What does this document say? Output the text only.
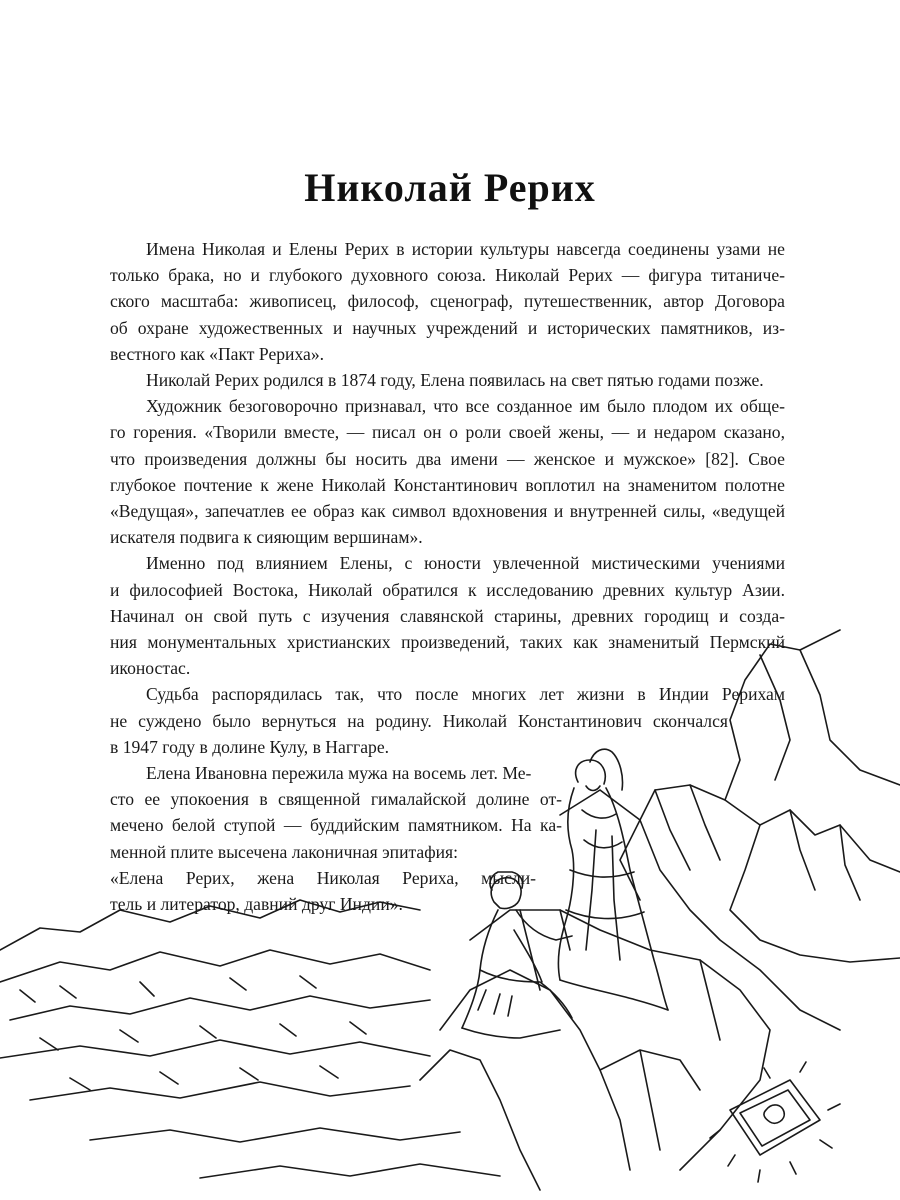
Николай Рерих

Имена Николая и Елены Рерих в истории культуры навсегда соединены узами не
только брака, но и глубокого духовного союза. Николай Рерих — фигура титаниче-
ского масштаба: живописец, философ, сценограф, путешественник, автор Договора
об охране художественных и научных учреждений и исторических памятников, из-
вестного как «Пакт Рериха».

Николай Рерих родился в 1874 году, Елена появилась на свет пятью годами позже.

Художник безоговорочно признавал, что все созданное им было плодом их обще-
го горения. «Творили вместе, — писал он о роли своей жены, — и недаром сказано,
что произведения должны бы носить два имени — женское и мужское» [82]. Свое
глубокое почтение к жене Николай Константинович воплотил на знаменитом полотне
«Ведущая», запечатлев ее образ как символ вдохновения и внутренней силы, «ведущей
искателя подвига к сияющим вершинам».

Именно под влиянием Елены, с юности увлеченной мистическими учениями
и философией Востока, Николай обратился к исследованию древних культур Азии.
Начинал он свой путь с изучения славянской старины, древних городищ и созда-
ния монументальных христианских произведений, таких как знаменитый Пермский
иконостас.

Судьба распорядилась так, что после многих лет жизни в Индии Рерихам
не суждено было вернуться на родину. Николай Константинович скончался
в 1947 году в долине Кулу, в Наггаре.

Елена Ивановна пережила мужа на восемь лет. Ме-
сто ее упокоения в священной гималайской долине от-
мечено белой ступой — буддийским памятником. На ка-
менной плите высечена лаконичная эпитафия:
«Елена Рерих, жена Николая Рериха, мысли-
тель и литератор, давний друг Индии».
